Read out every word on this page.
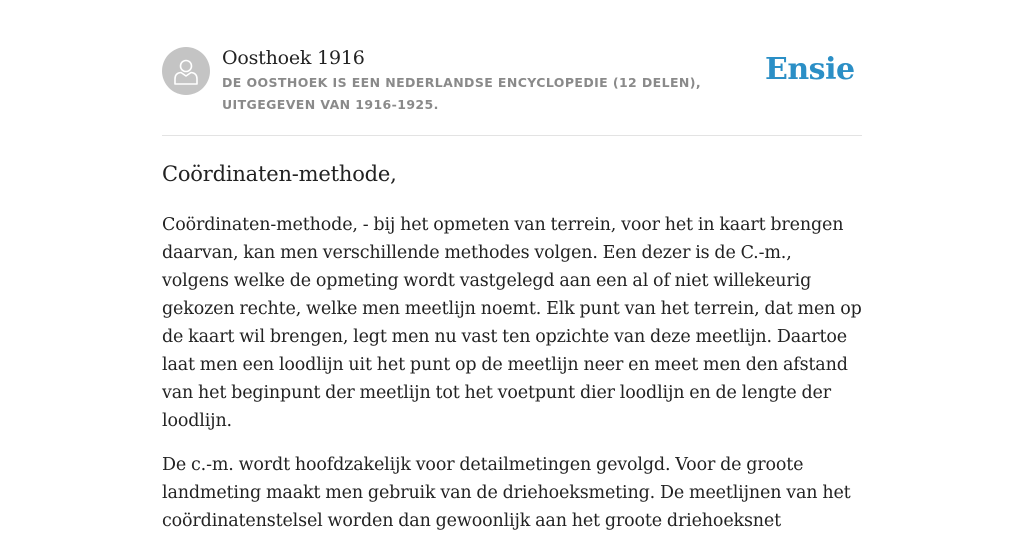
Oosthoek 1916
DE OOSTHOEK IS EEN NEDERLANDSE ENCYCLOPEDIE (12 DELEN), UITGEGEVEN VAN 1916-1925.
Ensie
Coördinaten-methode,

Coördinaten-methode, - bij het opmeten van terrein, voor het in kaart brengen daarvan, kan men verschillende methodes volgen. Een dezer is de C.-m., volgens welke de opmeting wordt vastgelegd aan een al of niet willekeurig gekozen rechte, welke men meetlijn noemt. Elk punt van het terrein, dat men op de kaart wil brengen, legt men nu vast ten opzichte van deze meetlijn. Daartoe laat men een loodlijn uit het punt op de meetlijn neer en meet men den afstand van het beginpunt der meetlijn tot het voetpunt dier loodlijn en de lengte der loodlijn.

De c.-m. wordt hoofdzakelijk voor detailmetingen gevolgd. Voor de groote landmeting maakt men gebruik van de driehoeksmeting. De meetlijnen van het coördinatenstelsel worden dan gewoonlijk aan het groote driehoeksnet
